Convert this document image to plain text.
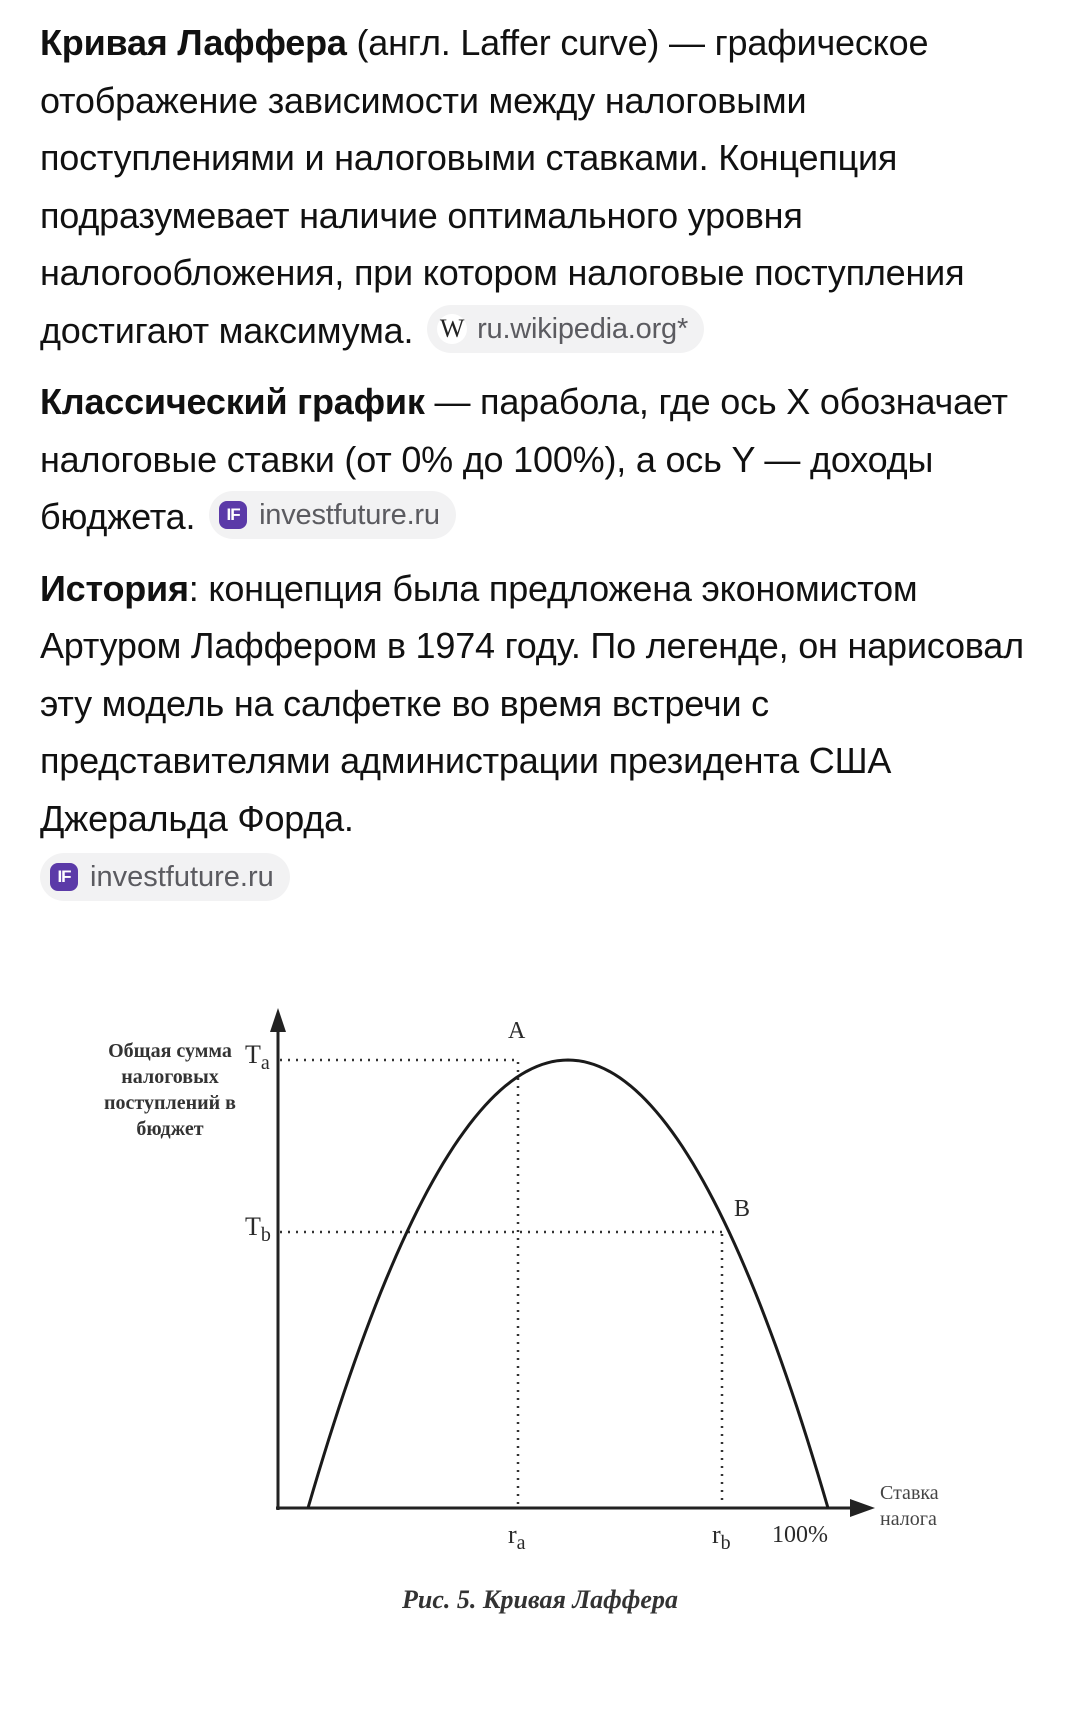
Кривая Лаффера (англ. Laffer curve) — графическое отображение зависимости между налоговыми поступлениями и налоговыми ставками. Концепция подразумевает наличие оптимального уровня налогообложения, при котором налоговые поступления достигают максимума. W ru.wikipedia.org*

Классический график — парабола, где ось X обозначает налоговые ставки (от 0% до 100%), а ось Y — доходы бюджета.	IF investfuture.ru

История: концепция была предложена экономистом Артуром Лаффером в 1974 году. По легенде, он нарисовал эту модель на салфетке во время встречи с представителями администрации президента США Джеральда Форда.

IF investfuture.ru
Общая сумма налоговых поступлений в бюджет
$T_a$
$T_b$
A
B
$r_a$	$r_b$ 100%
Ставка
налога
Рис. 5. Кривая Лаффера
